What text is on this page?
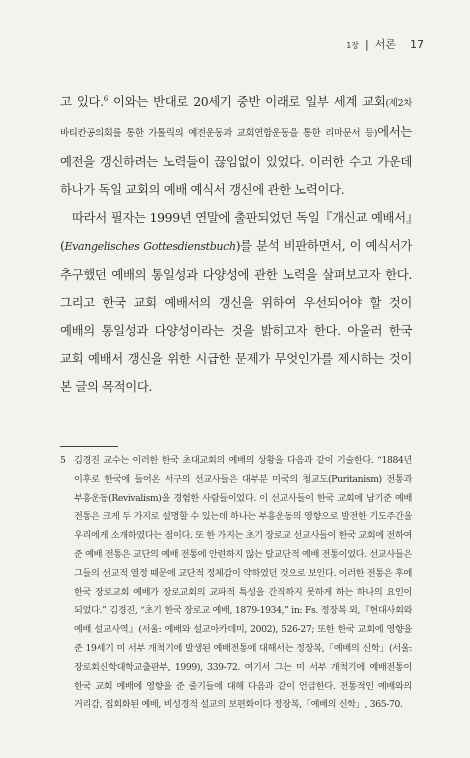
1장 | 서론 17

고 있다.$^6$ 이와는 반대로 20세기 중반 이래로 일부 세계 교회(제2차 바티칸공의회를 통한 가톨릭의 예전운동과 교회연합운동을 통한 리마문서 등)에서는 예전을 갱신하려는 노력들이 끊임없이 있었다. 이러한 수고 가운데 하나가 독일 교회의 예배 예식서 갱신에 관한 노력이다.

따라서 필자는 1999년 연말에 출판되었던 독일『개신교 예배서』(Evangelisches Gottesdienstbuch)를 분석 비판하면서, 이 예식서가 추구했던 예배의 통일성과 다양성에 관한 노력을 살펴보고자 한다. 그리고 한국 교회 예배서의 갱신을 위하여 우선되어야 할 것이 예배의 통일성과 다양성이라는 것을 밝히고자 한다. 아울러 한국 교회 예배서 갱신을 위한 시급한 문제가 무엇인가를 제시하는 것이 본 글의 목적이다.

5 김경진 교수는 이러한 한국 초대교회의 예배의 상황을 다음과 같이 기술한다. “1884년 이후로 한국에 들어온 서구의 선교사들은 대부분 미국의 청교도(Puritanism) 전통과 부흥운동(Revivalism)을 경험한 사람들이었다. 이 선교사들이 한국 교회에 남기준 예배 전통은 크게 두 가지로 설명할 수 있는데 하나는 부흥운동의 영향으로 발전한 기도주간을 우리에게 소개하였다는 점이다. 또 한 가지는 초기 장로교 선교사들이 한국 교회에 전하여 준 예배 전통은 교단의 예배 전통에 안련하지 않는 탈교단적 예배 전통이었다. 선교사들은 그들의 선교적 열정 때문에 교단적 정체감이 약하였던 것으로 보인다. 이러한 전통은 후에 한국 장로교회 예배가 장로교회의 교파적 특성을 간직하지 못하게 하는 하나의 요인이 되었다.” 김경진, “초기 한국 장로교 예배, 1879-1934,” in: Fs. 정장복 외,『현대사회와 예배 설교사역』(서울: 예배와 설교아카데미, 2002), 526-27; 또한 한국 교회에 영향을 준 19세기 미 서부 개척기에 발생된 예배전통에 대해서는 정장복,「예배의 신학」(서울: 장로회신학대학교출판부, 1999), 339-72. 여기서 그는 미 서부 개척기에 예배전통이 한국 교회 예배에 영향을 준 줄기들에 대해 다음과 같이 언급한다. 전통적인 예배와의 거리감, 집회화된 예배, 비성경적 설교의 보편화이다 정장복,「예배의 신학」, 365-70.
